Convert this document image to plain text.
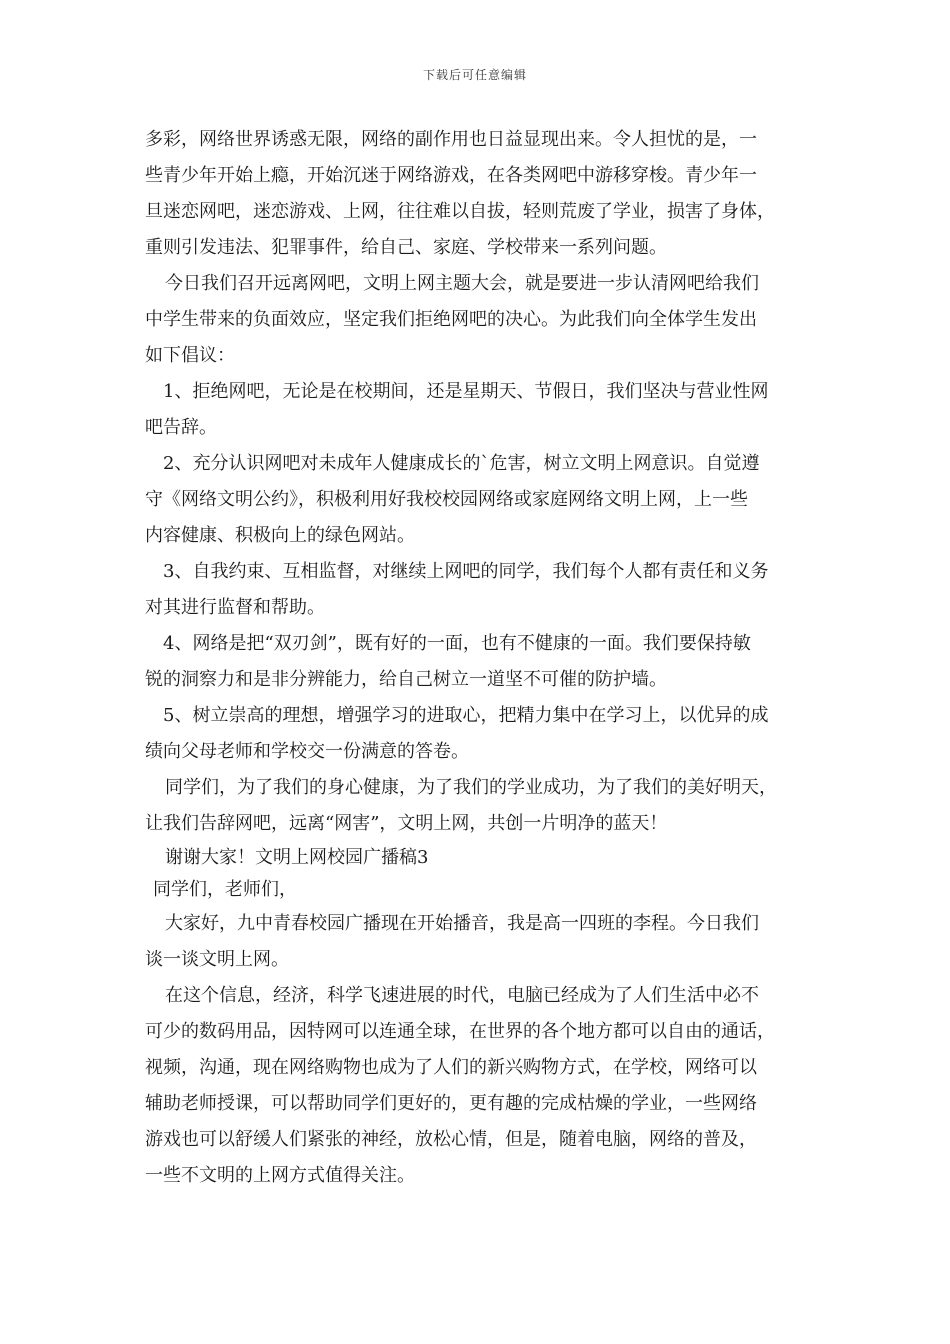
下载后可任意编辑
多彩，网络世界诱惑无限，网络的副作用也日益显现出来。令人担忧的是，一
些青少年开始上瘾，开始沉迷于网络游戏，在各类网吧中游移穿梭。青少年一
旦迷恋网吧，迷恋游戏、上网，往往难以自拔，轻则荒废了学业，损害了身体，
重则引发违法、犯罪事件，给自己、家庭、学校带来一系列问题。
今日我们召开远离网吧，文明上网主题大会，就是要进一步认清网吧给我们
中学生带来的负面效应，坚定我们拒绝网吧的决心。为此我们向全体学生发出
如下倡议：
1、拒绝网吧，无论是在校期间，还是星期天、节假日，我们坚决与营业性网
吧告辞。
2、充分认识网吧对未成年人健康成长的`危害，树立文明上网意识。自觉遵
守《网络文明公约》，积极利用好我校校园网络或家庭网络文明上网，上一些
内容健康、积极向上的绿色网站。
3、自我约束、互相监督，对继续上网吧的同学，我们每个人都有责任和义务
对其进行监督和帮助。
4、网络是把“双刃剑”，既有好的一面，也有不健康的一面。我们要保持敏
锐的洞察力和是非分辨能力，给自己树立一道坚不可催的防护墙。
5、树立崇高的理想，增强学习的进取心，把精力集中在学习上，以优异的成
绩向父母老师和学校交一份满意的答卷。
同学们，为了我们的身心健康，为了我们的学业成功，为了我们的美好明天，
让我们告辞网吧，远离“网害”，文明上网，共创一片明净的蓝天！
谢谢大家！文明上网校园广播稿3
同学们，老师们，
大家好，九中青春校园广播现在开始播音，我是高一四班的李程。今日我们
谈一谈文明上网。
在这个信息，经济，科学飞速进展的时代，电脑已经成为了人们生活中必不
可少的数码用品，因特网可以连通全球，在世界的各个地方都可以自由的通话，
视频，沟通，现在网络购物也成为了人们的新兴购物方式，在学校，网络可以
辅助老师授课，可以帮助同学们更好的，更有趣的完成枯燥的学业，一些网络
游戏也可以舒缓人们紧张的神经，放松心情，但是，随着电脑，网络的普及，
一些不文明的上网方式值得关注。
